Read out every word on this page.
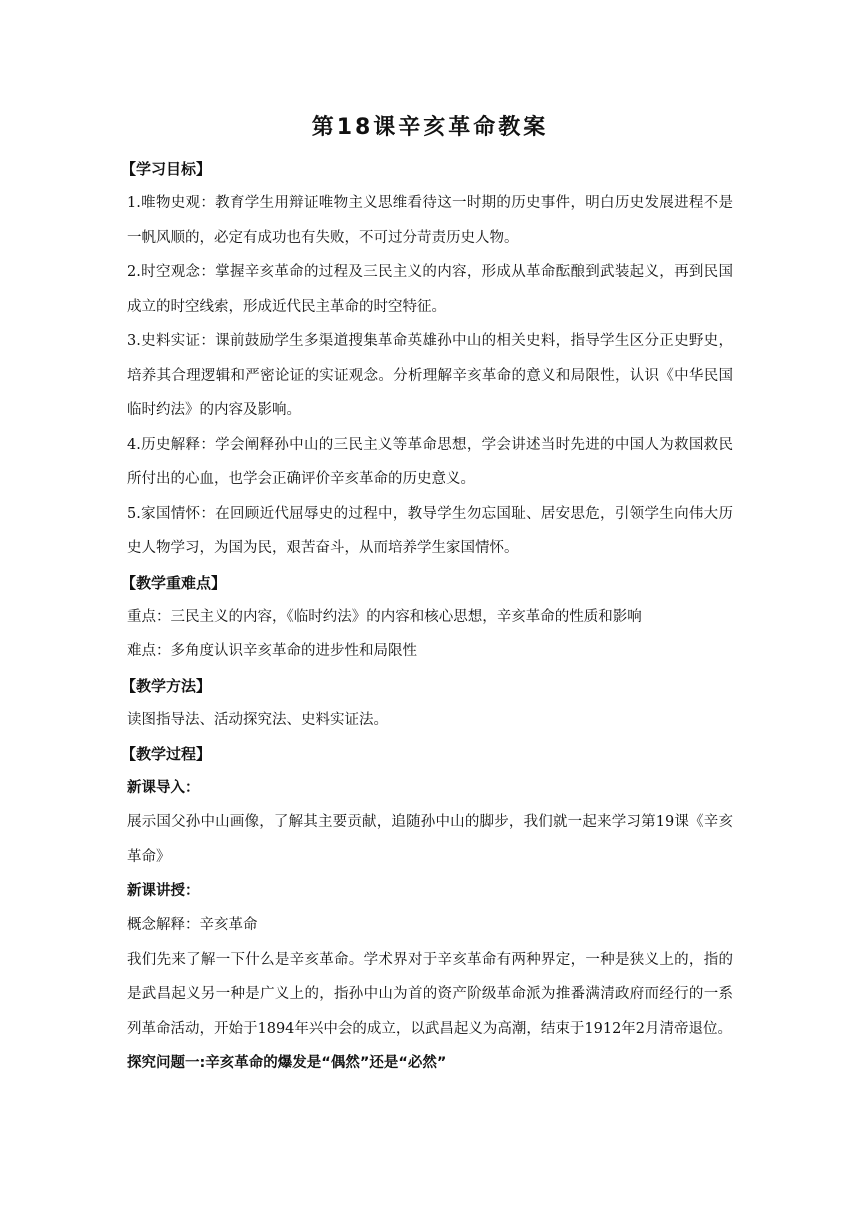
第18课辛亥革命教案
【学习目标】

1.唯物史观：教育学生用辩证唯物主义思维看待这一时期的历史事件，明白历史发展进程不是一帆风顺的，必定有成功也有失败，不可过分苛责历史人物。

2.时空观念：掌握辛亥革命的过程及三民主义的内容，形成从革命酝酿到武装起义，再到民国成立的时空线索，形成近代民主革命的时空特征。

3.史料实证：课前鼓励学生多渠道搜集革命英雄孙中山的相关史料，指导学生区分正史野史，培养其合理逻辑和严密论证的实证观念。分析理解辛亥革命的意义和局限性，认识《中华民国临时约法》的内容及影响。

4.历史解释：学会阐释孙中山的三民主义等革命思想，学会讲述当时先进的中国人为救国救民所付出的心血，也学会正确评价辛亥革命的历史意义。

5.家国情怀：在回顾近代屈辱史的过程中，教导学生勿忘国耻、居安思危，引领学生向伟大历史人物学习，为国为民，艰苦奋斗，从而培养学生家国情怀。

【教学重难点】

重点：三民主义的内容，《临时约法》的内容和核心思想，辛亥革命的性质和影响

难点：多角度认识辛亥革命的进步性和局限性

【教学方法】

读图指导法、活动探究法、史料实证法。

【教学过程】
新课导入：

展示国父孙中山画像，了解其主要贡献，追随孙中山的脚步，我们就一起来学习第19课《辛亥革命》

新课讲授：

概念解释：辛亥革命

我们先来了解一下什么是辛亥革命。学术界对于辛亥革命有两种界定，一种是狭义上的，指的是武昌起义另一种是广义上的，指孙中山为首的资产阶级革命派为推番满清政府而经行的一系列革命活动，开始于1894年兴中会的成立，以武昌起义为高潮，结束于1912年2月清帝退位。

探究问题一:辛亥革命的爆发是“偶然”还是“必然”
